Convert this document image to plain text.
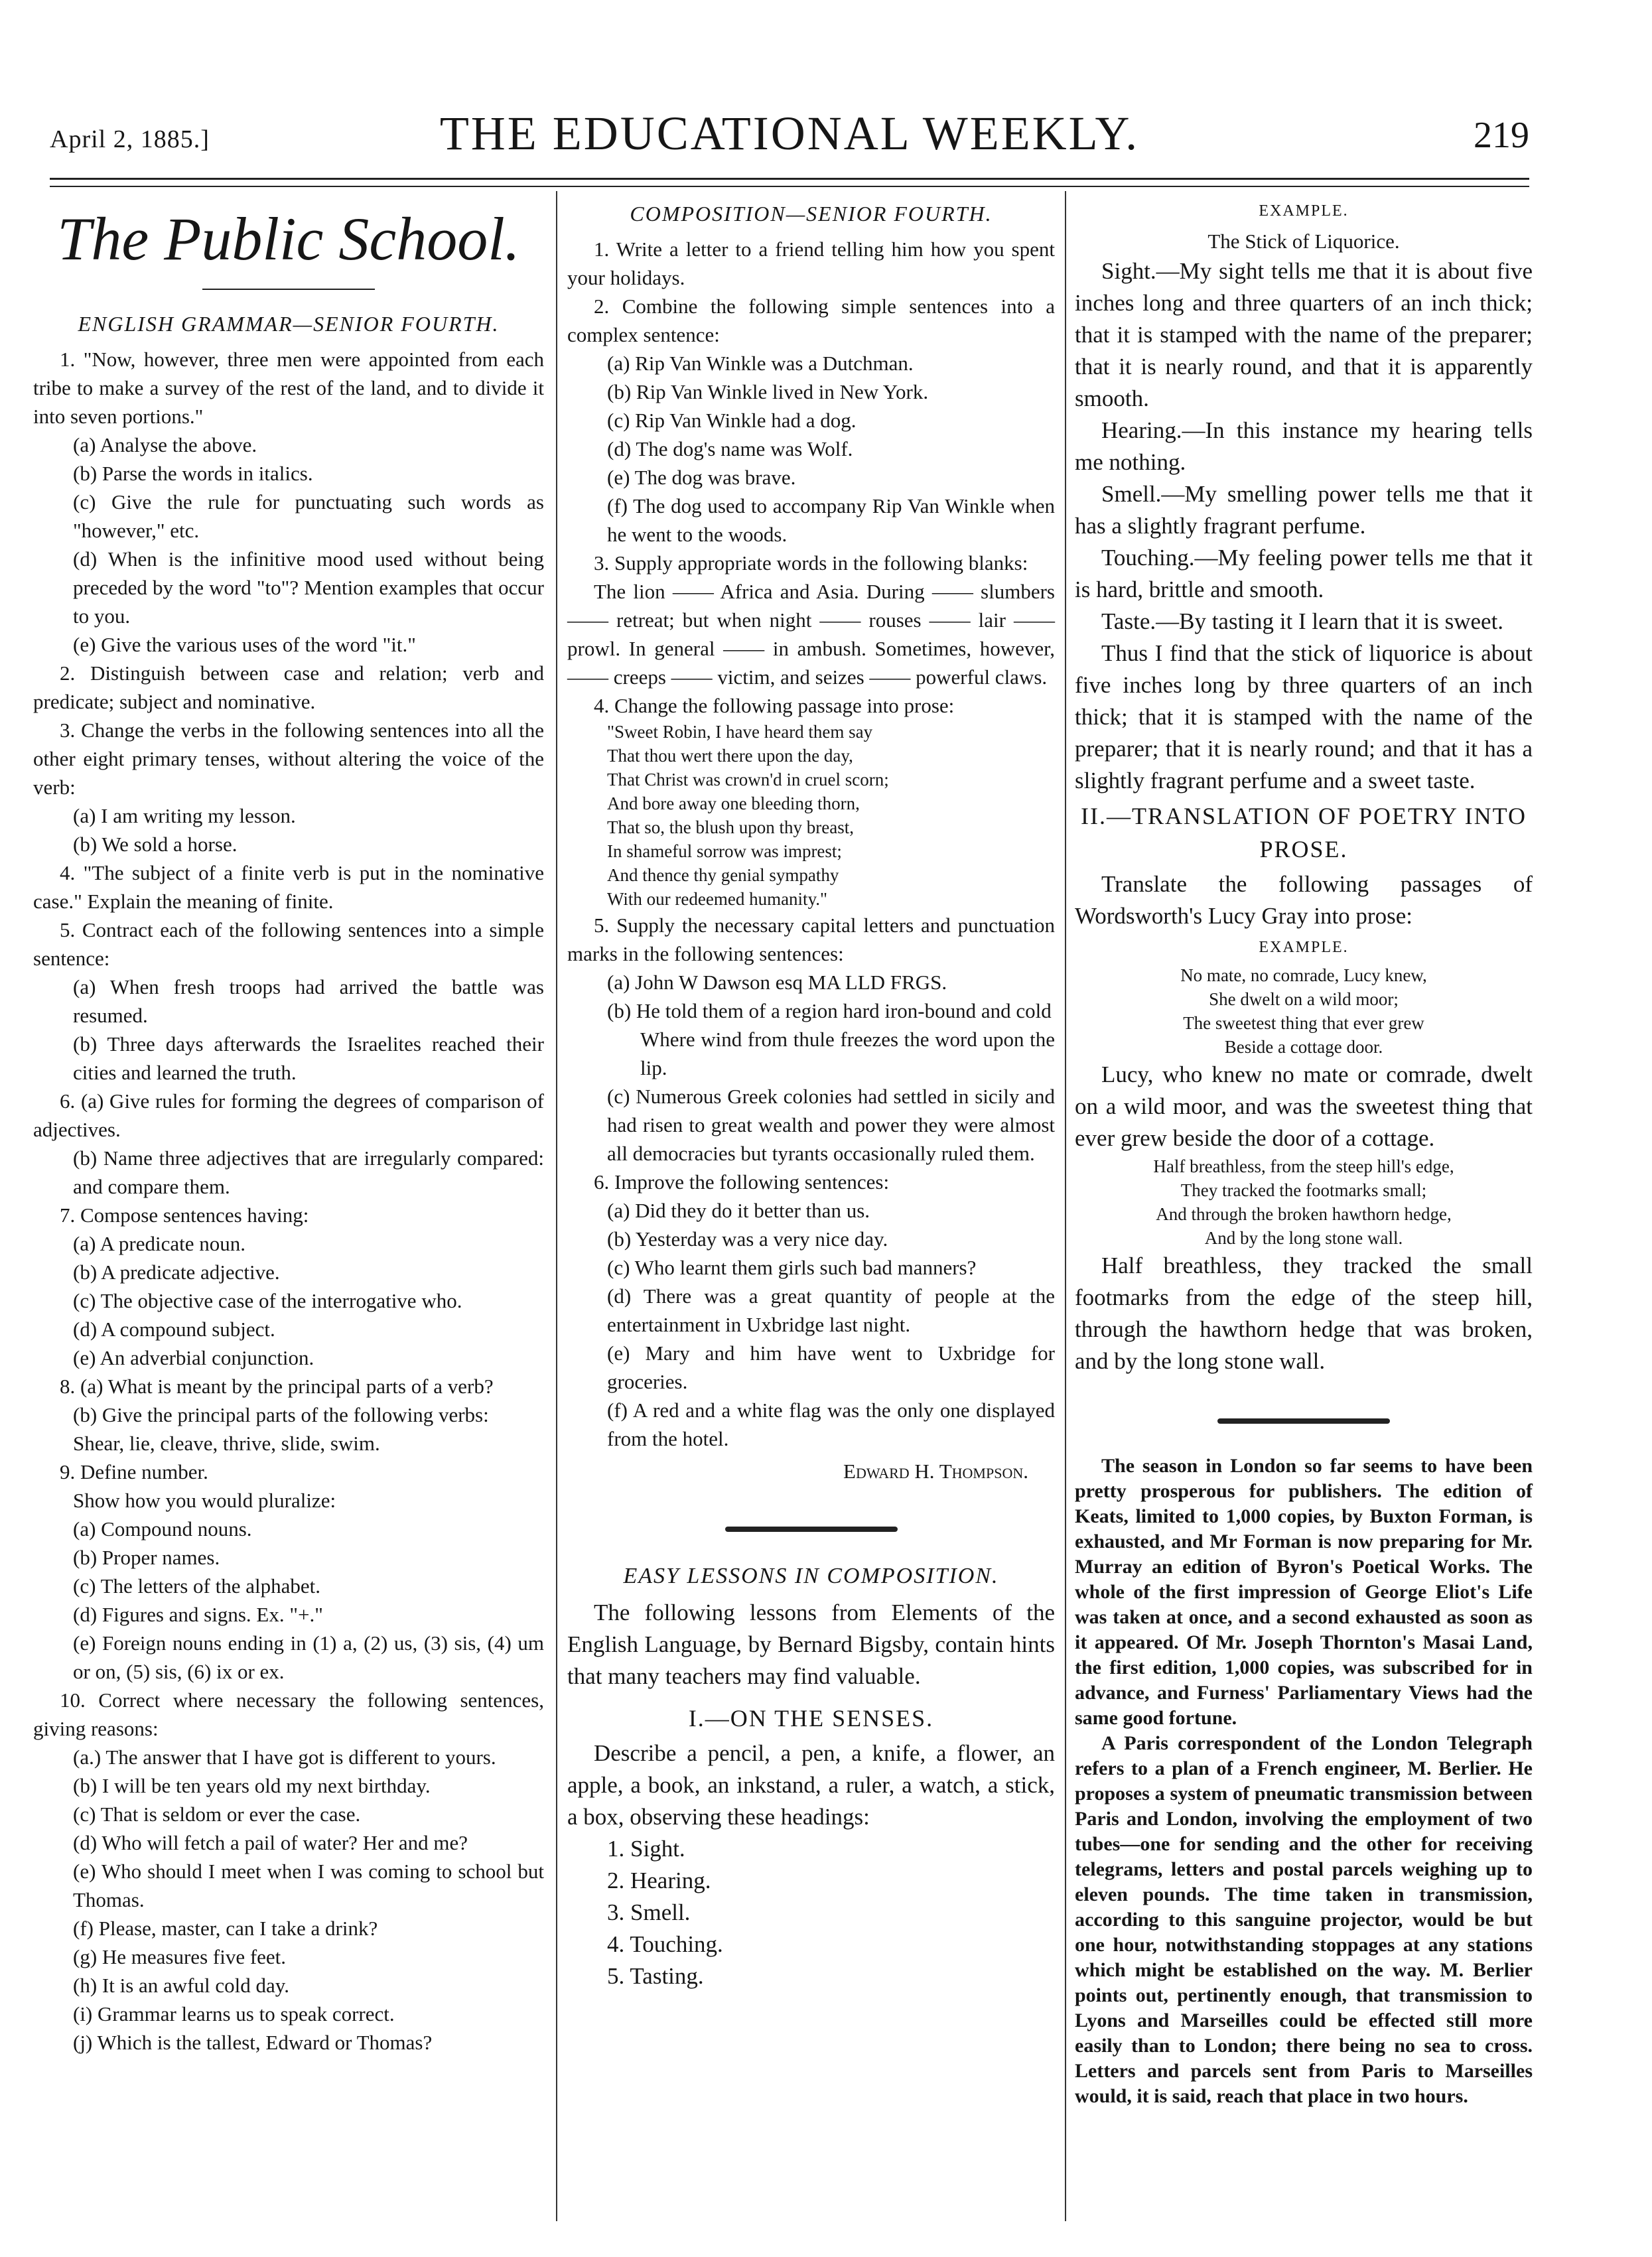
April 2, 1885.]	THE EDUCATIONAL WEEKLY.	219
The Public School.
ENGLISH GRAMMAR—SENIOR FOURTH.

1. "Now, however, three men were appointed from each tribe to make a survey of the rest of the land, and to divide it into seven portions."

(a) Analyse the above.

(b) Parse the words in italics.

(c) Give the rule for punctuating such words as "however," etc.

(d) When is the infinitive mood used without being preceded by the word "to"? Mention examples that occur to you.

(e) Give the various uses of the word "it."

2. Distinguish between case and relation; verb and predicate; subject and nominative.

3. Change the verbs in the following sentences into all the other eight primary tenses, without altering the voice of the verb:

(a) I am writing my lesson.

(b) We sold a horse.

4. "The subject of a finite verb is put in the nominative case." Explain the meaning of finite.

5. Contract each of the following sentences into a simple sentence:

(a) When fresh troops had arrived the battle was resumed.

(b) Three days afterwards the Israelites reached their cities and learned the truth.

6. (a) Give rules for forming the degrees of comparison of adjectives.

(b) Name three adjectives that are irregularly compared: and compare them.

7. Compose sentences having:

(a) A predicate noun.

(b) A predicate adjective.

(c) The objective case of the interrogative who.

(d) A compound subject.

(e) An adverbial conjunction.

8. (a) What is meant by the principal parts of a verb?

(b) Give the principal parts of the following verbs:

Shear, lie, cleave, thrive, slide, swim.

9. Define number.

Show how you would pluralize:

(a) Compound nouns.

(b) Proper names.

(c) The letters of the alphabet.

(d) Figures and signs. Ex. "+."

(e) Foreign nouns ending in (1) a, (2) us, (3) sis, (4) um or on, (5) sis, (6) ix or ex.

10. Correct where necessary the following sentences, giving reasons:

(a.) The answer that I have got is different to yours.

(b) I will be ten years old my next birthday.

(c) That is seldom or ever the case.

(d) Who will fetch a pail of water? Her and me?

(e) Who should I meet when I was coming to school but Thomas.

(f) Please, master, can I take a drink?

(g) He measures five feet.

(h) It is an awful cold day.

(i) Grammar learns us to speak correct.

(j) Which is the tallest, Edward or Thomas?

COMPOSITION—SENIOR FOURTH.

1. Write a letter to a friend telling him how you spent your holidays.

2. Combine the following simple sentences into a complex sentence:

(a) Rip Van Winkle was a Dutchman.

(b) Rip Van Winkle lived in New York.

(c) Rip Van Winkle had a dog.

(d) The dog's name was Wolf.

(e) The dog was brave.

(f) The dog used to accompany Rip Van Winkle when he went to the woods.

3. Supply appropriate words in the following blanks:

The lion —— Africa and Asia. During —— slumbers —— retreat; but when night —— rouses —— lair —— prowl. In general —— in ambush. Sometimes, however, —— creeps —— victim, and seizes —— powerful claws.

4. Change the following passage into prose:

"Sweet Robin, I have heard them say

That thou wert there upon the day,

That Christ was crown'd in cruel scorn;

And bore away one bleeding thorn,

That so, the blush upon thy breast,

In shameful sorrow was imprest;

And thence thy genial sympathy

With our redeemed humanity."

5. Supply the necessary capital letters and punctuation marks in the following sentences:

(a) John W Dawson esq MA LLD FRGS.

(b) He told them of a region hard iron-bound and cold

Where wind from thule freezes the word upon the lip.

(c) Numerous Greek colonies had settled in sicily and had risen to great wealth and power they were almost all democracies but tyrants occasionally ruled them.

6. Improve the following sentences:

(a) Did they do it better than us.

(b) Yesterday was a very nice day.

(c) Who learnt them girls such bad manners?

(d) There was a great quantity of people at the entertainment in Uxbridge last night.

(e) Mary and him have went to Uxbridge for groceries.

(f) A red and a white flag was the only one displayed from the hotel.

Edward H. Thompson.

EASY LESSONS IN COMPOSITION.

The following lessons from Elements of the English Language, by Bernard Bigsby, contain hints that many teachers may find valuable.

I.—ON THE SENSES.

Describe a pencil, a pen, a knife, a flower, an apple, a book, an inkstand, a ruler, a watch, a stick, a box, observing these headings:

1. Sight.

2. Hearing.

3. Smell.

4. Touching.

5. Tasting.

EXAMPLE.

The Stick of Liquorice.

Sight.—My sight tells me that it is about five inches long and three quarters of an inch thick; that it is stamped with the name of the preparer; that it is nearly round, and that it is apparently smooth.

Hearing.—In this instance my hearing tells me nothing.

Smell.—My smelling power tells me that it has a slightly fragrant perfume.

Touching.—My feeling power tells me that it is hard, brittle and smooth.

Taste.—By tasting it I learn that it is sweet.

Thus I find that the stick of liquorice is about five inches long by three quarters of an inch thick; that it is stamped with the name of the preparer; that it is nearly round; and that it has a slightly fragrant perfume and a sweet taste.

II.—TRANSLATION OF POETRY INTO PROSE.

Translate the following passages of Wordsworth's Lucy Gray into prose:

EXAMPLE.

No mate, no comrade, Lucy knew,

She dwelt on a wild moor;

The sweetest thing that ever grew

Beside a cottage door.

Lucy, who knew no mate or comrade, dwelt on a wild moor, and was the sweetest thing that ever grew beside the door of a cottage.

Half breathless, from the steep hill's edge,

They tracked the footmarks small;

And through the broken hawthorn hedge,

And by the long stone wall.

Half breathless, they tracked the small footmarks from the edge of the steep hill, through the hawthorn hedge that was broken, and by the long stone wall.

The season in London so far seems to have been pretty prosperous for publishers. The edition of Keats, limited to 1,000 copies, by Buxton Forman, is exhausted, and Mr Forman is now preparing for Mr. Murray an edition of Byron's Poetical Works. The whole of the first impression of George Eliot's Life was taken at once, and a second exhausted as soon as it appeared. Of Mr. Joseph Thornton's Masai Land, the first edition, 1,000 copies, was subscribed for in advance, and Furness' Parliamentary Views had the same good fortune.

A Paris correspondent of the London Telegraph refers to a plan of a French engineer, M. Berlier. He proposes a system of pneumatic transmission between Paris and London, involving the employment of two tubes—one for sending and the other for receiving telegrams, letters and postal parcels weighing up to eleven pounds. The time taken in transmission, according to this sanguine projector, would be but one hour, notwithstanding stoppages at any stations which might be established on the way. M. Berlier points out, pertinently enough, that transmission to Lyons and Marseilles could be effected still more easily than to London; there being no sea to cross. Letters and parcels sent from Paris to Marseilles would, it is said, reach that place in two hours.
